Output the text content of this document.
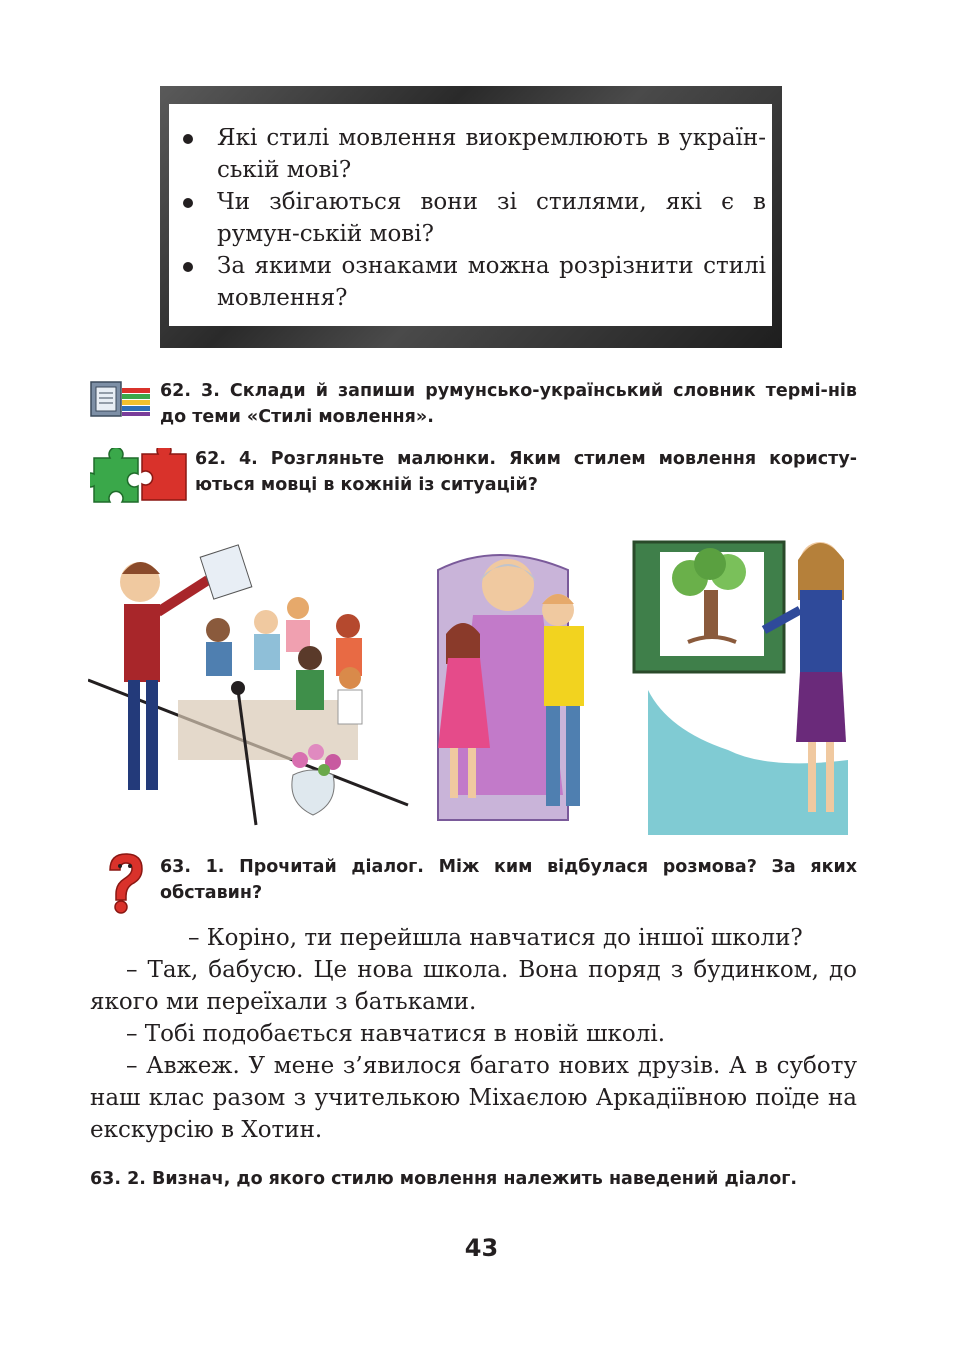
Які стилі мовлення виокремлюють в україн-ській мові?
Чи збігаються вони зі стилями, які є в румун-ській мові?
За якими ознаками можна розрізнити стилі мовлення?
62. 3. Склади й запиши румунсько-український словник термі-нів до теми «Стилі мовлення».
62. 4. Розгляньте малюнки. Яким стилем мовлення користу-ються мовці в кожній із ситуацій?
63. 1. Прочитай діалог. Між ким відбулася розмова? За яких обставин?

– Коріно, ти перейшла навчатися до іншої школи?

– Так, бабусю. Це нова школа. Вона поряд з будинком, до якого ми переїхали з батьками.

– Тобі подобається навчатися в новій школі.

– Авжеж. У мене з’явилося багато нових друзів. А в суботу наш клас разом з учителькою Міхаєлою Аркадіївною поїде на екскурсію в Хотин.

63. 2. Визнач, до якого стилю мовлення належить наведений діалог.
43
